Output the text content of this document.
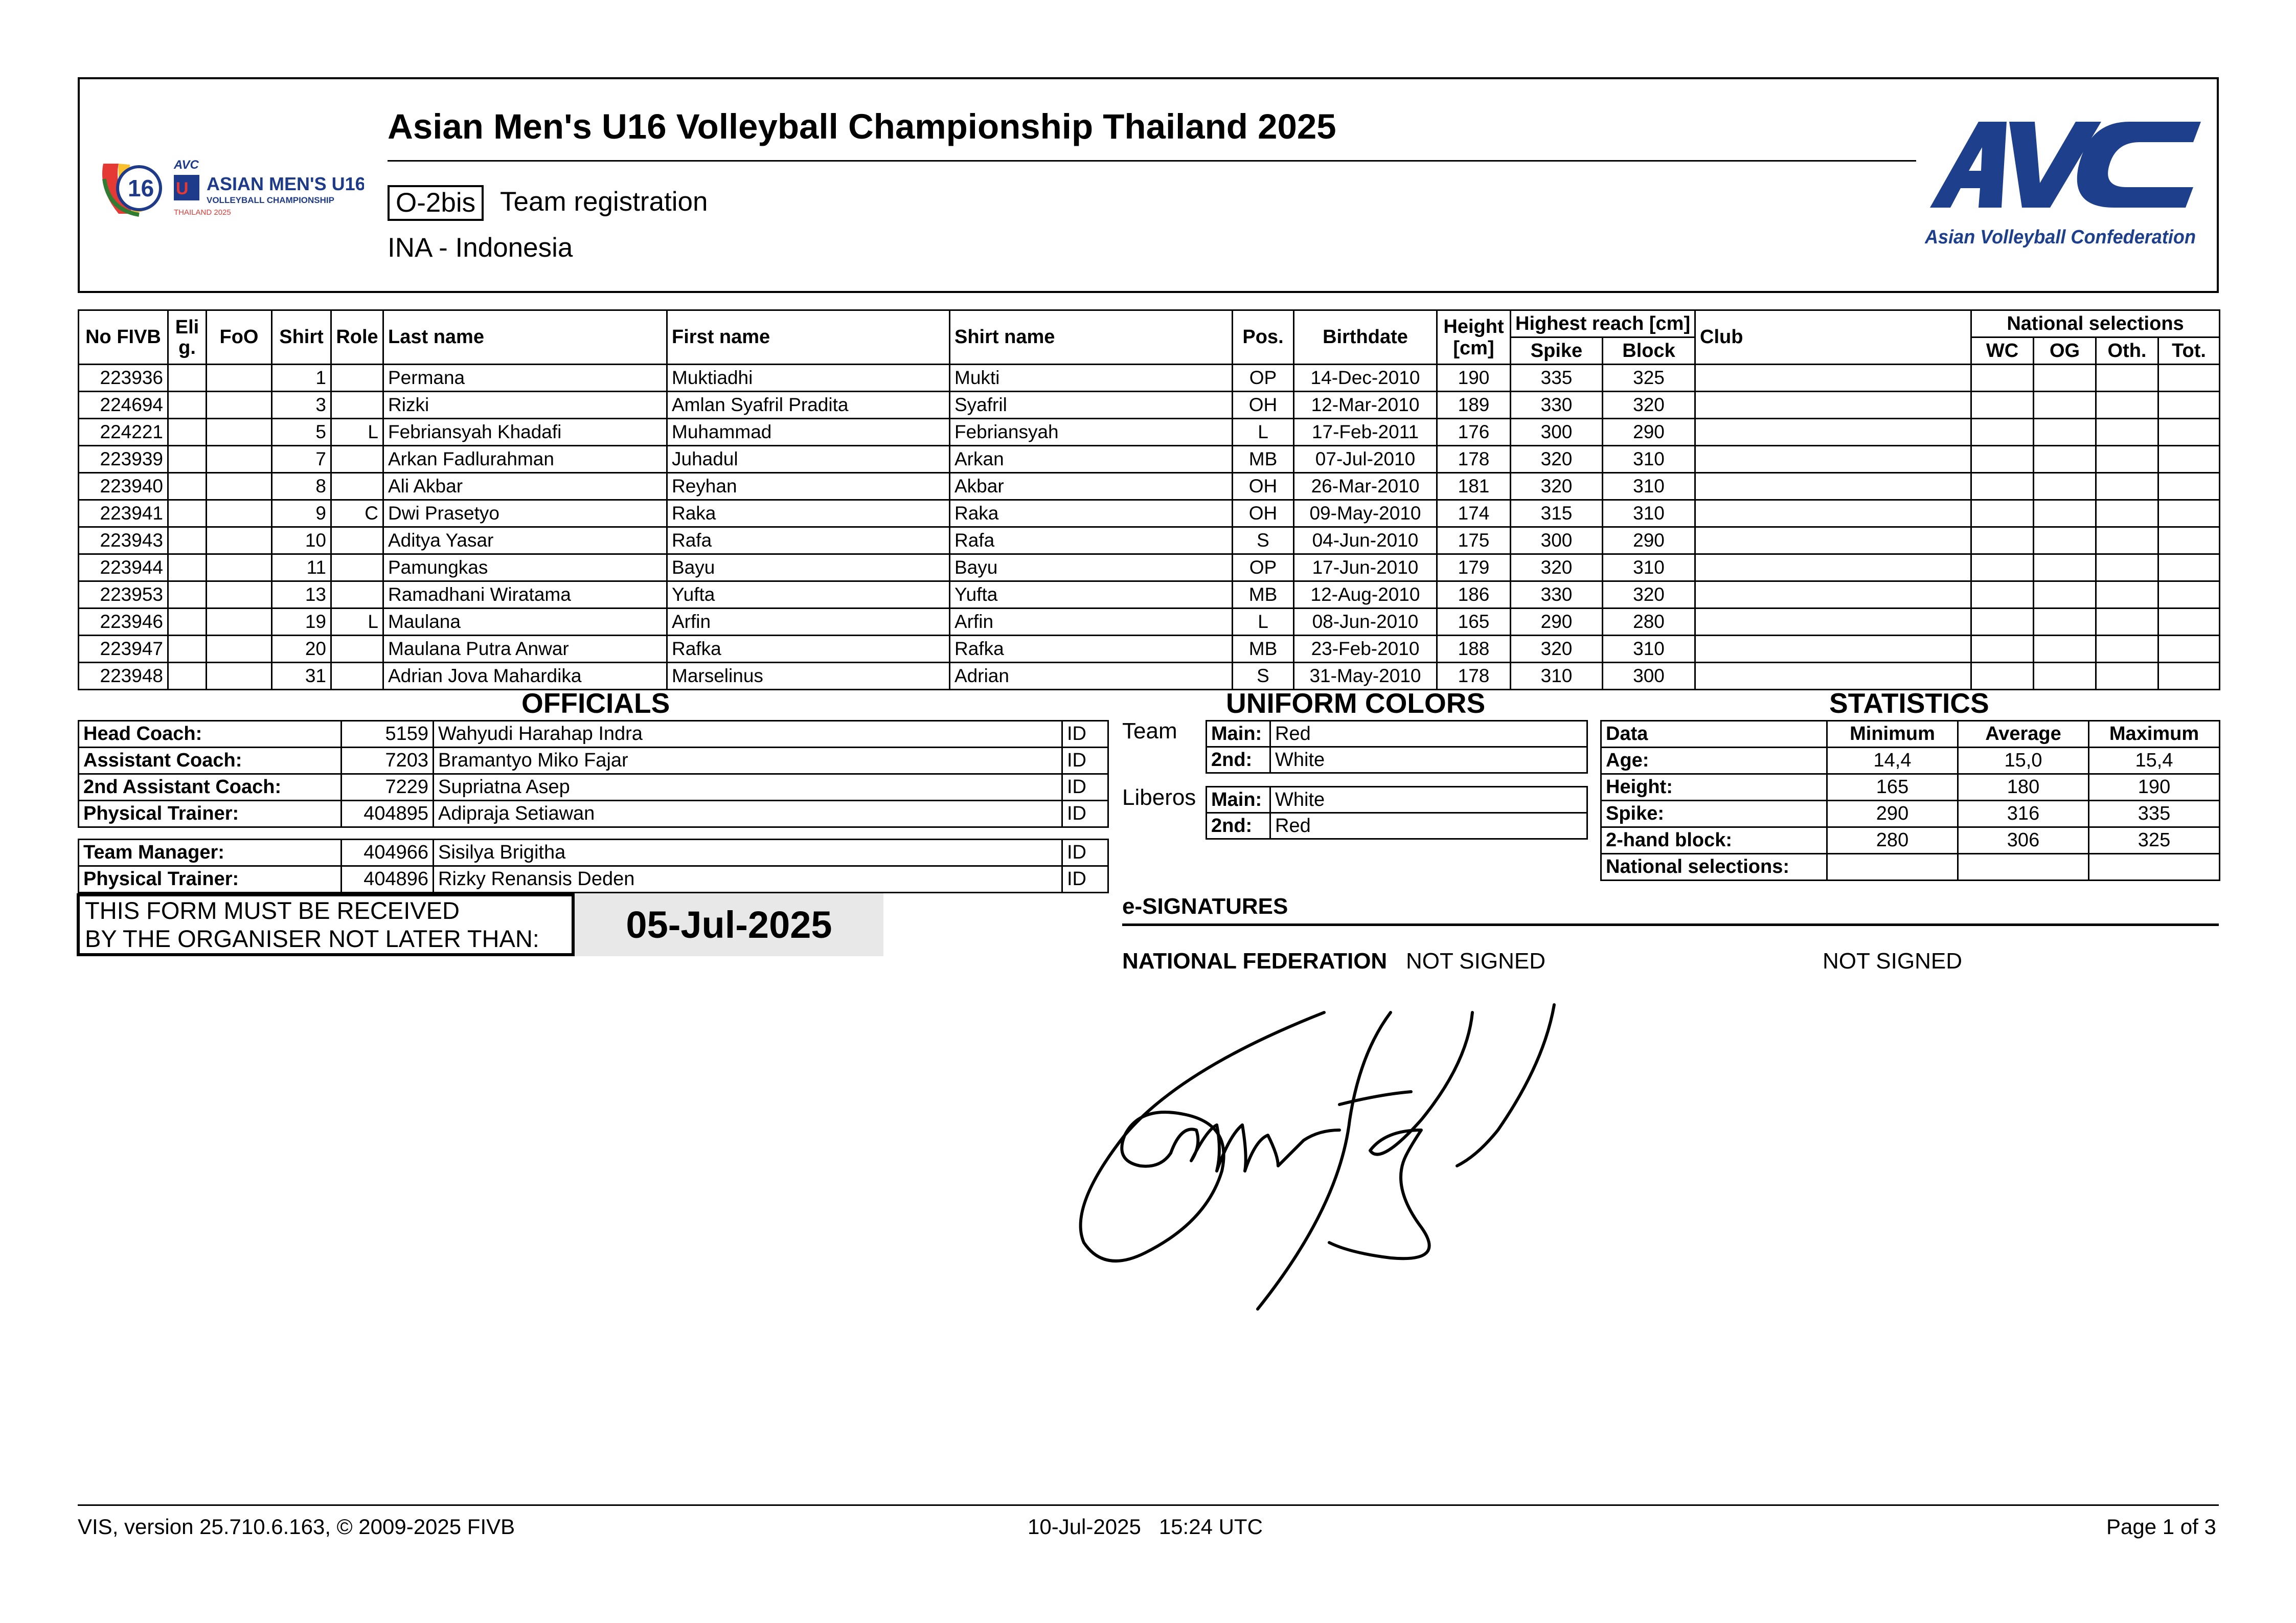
16
AVC
U ASIAN MEN'S U16
VOLLEYBALL CHAMPIONSHIP
THAILAND 2025
Asian Men's U16 Volleyball Championship Thailand 2025
O-2bis Team registration
INA - Indonesia	Asian Volleyball Confederation
No FIVB	Eli g.	FoO	Shirt	Role	Last name	First name	Shirt name	Pos.	Birthdate	Height [cm]	Highest reach [cm]		Club	National selections			
											Spike	Block		WC	OG	Oth.	Tot.
223936			1		Permana	Muktiadhi	Mukti	OP	14-Dec-2010	190	335	325					
224694			3		Rizki	Amlan Syafril Pradita	Syafril	OH	12-Mar-2010	189	330	320					
224221			5	L	Febriansyah Khadafi	Muhammad	Febriansyah	L	17-Feb-2011	176	300	290					
223939			7		Arkan Fadlurahman	Juhadul	Arkan	MB	07-Jul-2010	178	320	310					
223940			8		Ali Akbar	Reyhan	Akbar	OH	26-Mar-2010	181	320	310					
223941			9	C	Dwi Prasetyo	Raka	Raka	OH	09-May-2010	174	315	310					
223943			10		Aditya Yasar	Rafa	Rafa	S	04-Jun-2010	175	300	290					
223944			11		Pamungkas	Bayu	Bayu	OP	17-Jun-2010	179	320	310					
223953			13		Ramadhani Wiratama	Yufta	Yufta	MB	12-Aug-2010	186	330	320					
223946			19	L	Maulana	Arfin	Arfin	L	08-Jun-2010	165	290	280					
223947			20		Maulana Putra Anwar	Rafka	Rafka	MB	23-Feb-2010	188	320	310					
223948			31		Adrian Jova Mahardika	Marselinus	Adrian	S	31-May-2010	178	310	300					
OFFICIALS
Head Coach:	5159	Wahyudi Harahap Indra	ID
Assistant Coach:	7203	Bramantyo Miko Fajar	ID
2nd Assistant Coach:	7229	Supriatna Asep	ID
Physical Trainer:	404895	Adipraja Setiawan	ID
Team Manager:	404966	Sisilya Brigitha	ID
Physical Trainer:	404896	Rizky Renansis Deden	ID
THIS FORM MUST BE RECEIVED
BY THE ORGANISER NOT LATER THAN:	05-Jul-2025
UNIFORM COLORS
Team Main:	Red
2nd:	White
Liberos Main:	White
2nd:	Red
STATISTICS
Data	Minimum	Average	Maximum
Age:	14,4	15,0	15,4
Height:	165	180	190
Spike:	290	316	335
2-hand block:	280	306	325
National selections:			
e-SIGNATURES
NATIONAL FEDERATION NOT SIGNED	NOT SIGNED
VIS, version 25.710.6.163, © 2009-2025 FIVB	10-Jul-2025   15:24 UTC	Page 1 of 3
